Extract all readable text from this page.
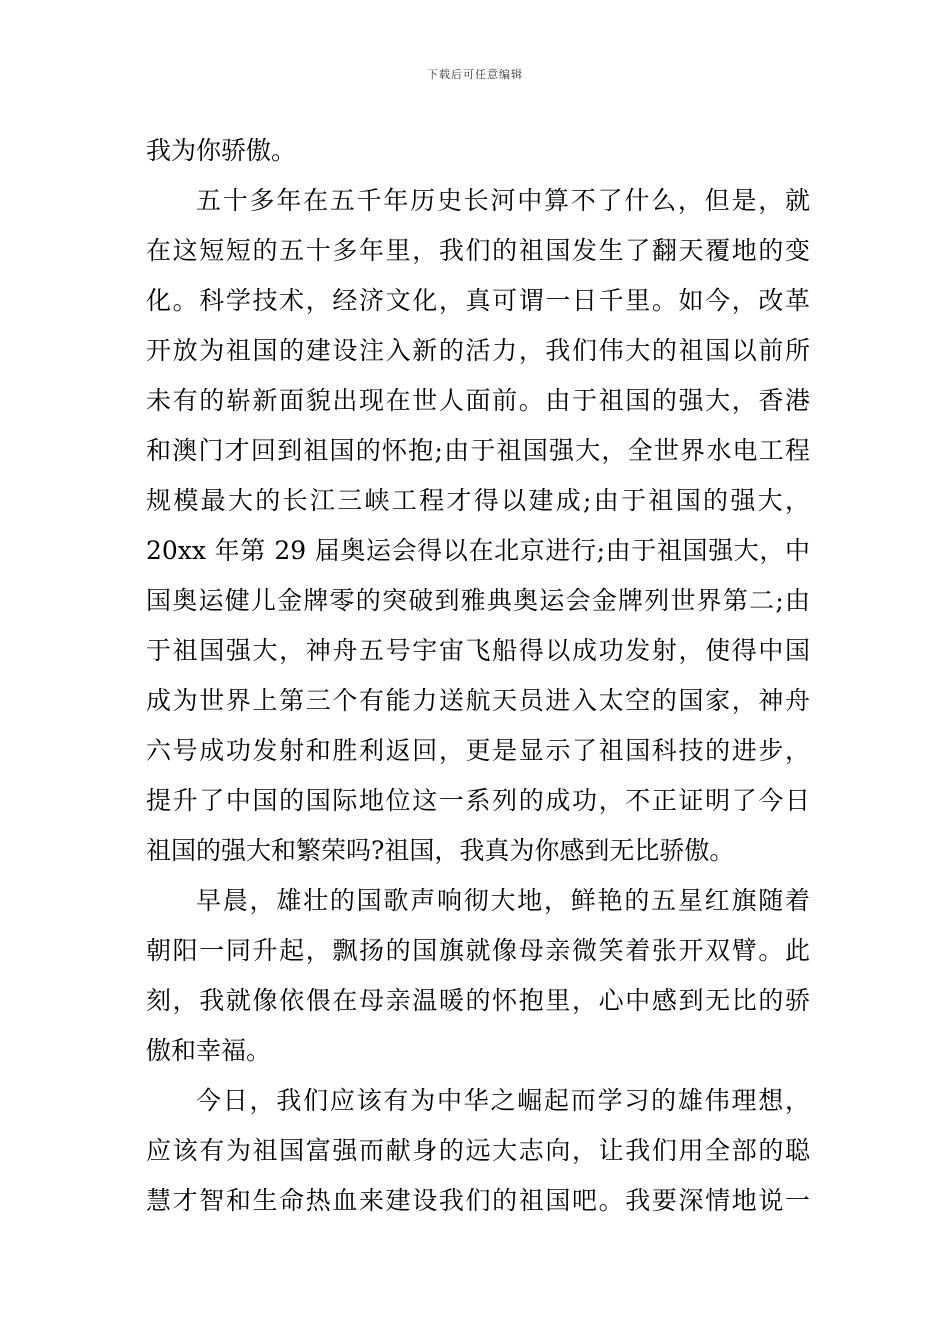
下载后可任意编辑
我为你骄傲。
五十多年在五千年历史长河中算不了什么，但是，就
在这短短的五十多年里，我们的祖国发生了翻天覆地的变
化。科学技术，经济文化，真可谓一日千里。如今，改革
开放为祖国的建设注入新的活力，我们伟大的祖国以前所
未有的崭新面貌出现在世人面前。由于祖国的强大，香港
和澳门才回到祖国的怀抱;由于祖国强大，全世界水电工程
规模最大的长江三峡工程才得以建成;由于祖国的强大，
20xx 年第 29 届奥运会得以在北京进行;由于祖国强大，中
国奥运健儿金牌零的突破到雅典奥运会金牌列世界第二;由
于祖国强大，神舟五号宇宙飞船得以成功发射，使得中国
成为世界上第三个有能力送航天员进入太空的国家，神舟
六号成功发射和胜利返回，更是显示了祖国科技的进步，
提升了中国的国际地位这一系列的成功，不正证明了今日
祖国的强大和繁荣吗?祖国，我真为你感到无比骄傲。
早晨，雄壮的国歌声响彻大地，鲜艳的五星红旗随着
朝阳一同升起，飘扬的国旗就像母亲微笑着张开双臂。此
刻，我就像依偎在母亲温暖的怀抱里，心中感到无比的骄
傲和幸福。
今日，我们应该有为中华之崛起而学习的雄伟理想，
应该有为祖国富强而献身的远大志向，让我们用全部的聪
慧才智和生命热血来建设我们的祖国吧。我要深情地说一
